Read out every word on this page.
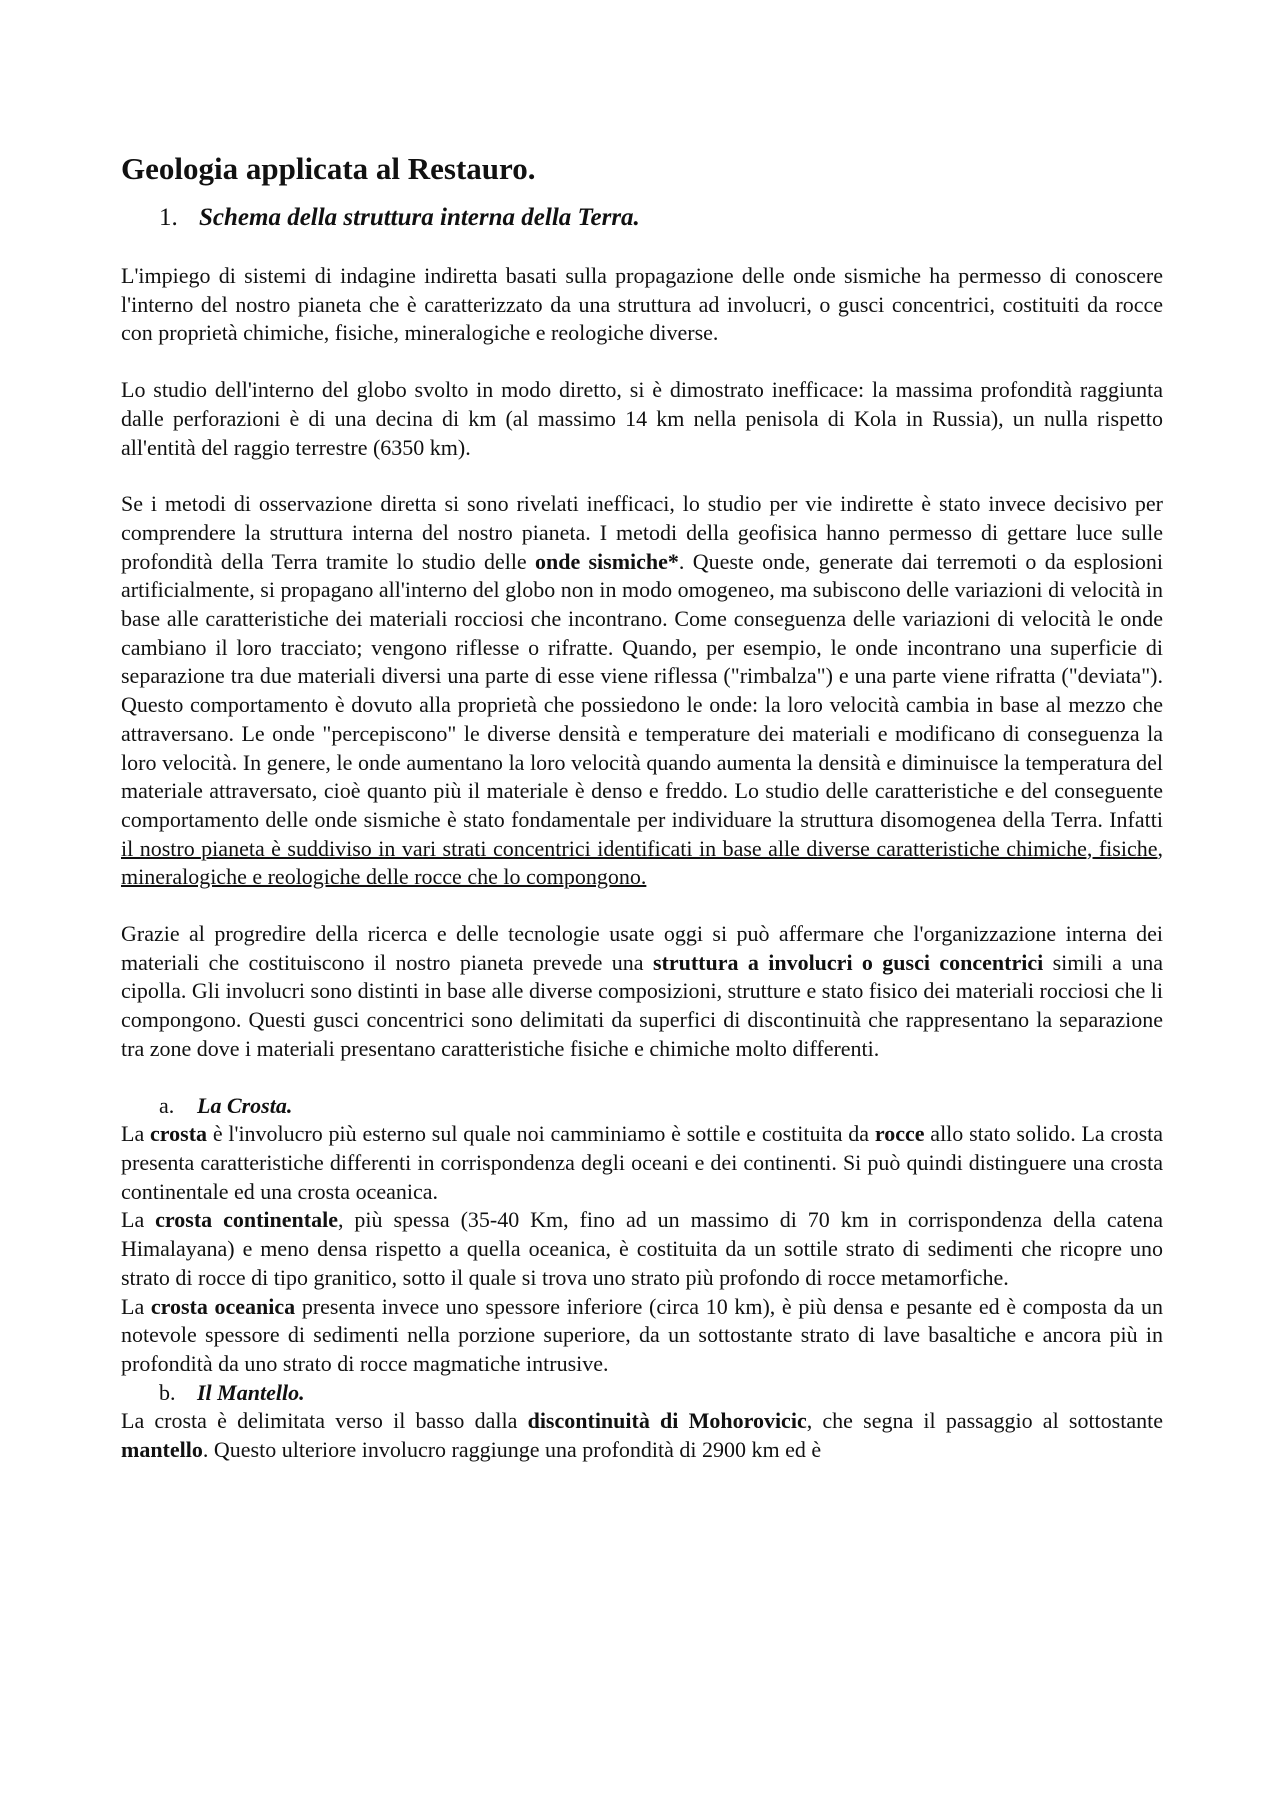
Geologia applicata al Restauro.
1. Schema della struttura interna della Terra.

L'impiego di sistemi di indagine indiretta basati sulla propagazione delle onde sismiche ha permesso di conoscere l'interno del nostro pianeta che è caratterizzato da una struttura ad involucri, o gusci concentrici, costituiti da rocce con proprietà chimiche, fisiche, mineralogiche e reologiche diverse.

Lo studio dell'interno del globo svolto in modo diretto, si è dimostrato inefficace: la massima profondità raggiunta dalle perforazioni è di una decina di km (al massimo 14 km nella penisola di Kola in Russia), un nulla rispetto all'entità del raggio terrestre (6350 km).

Se i metodi di osservazione diretta si sono rivelati inefficaci, lo studio per vie indirette è stato invece decisivo per comprendere la struttura interna del nostro pianeta. I metodi della geofisica hanno permesso di gettare luce sulle profondità della Terra tramite lo studio delle onde sismiche*. Queste onde, generate dai terremoti o da esplosioni artificialmente, si propagano all'interno del globo non in modo omogeneo, ma subiscono delle variazioni di velocità in base alle caratteristiche dei materiali rocciosi che incontrano. Come conseguenza delle variazioni di velocità le onde cambiano il loro tracciato; vengono riflesse o rifratte. Quando, per esempio, le onde incontrano una superficie di separazione tra due materiali diversi una parte di esse viene riflessa ("rimbalza") e una parte viene rifratta ("deviata"). Questo comportamento è dovuto alla proprietà che possiedono le onde: la loro velocità cambia in base al mezzo che attraversano. Le onde "percepiscono" le diverse densità e temperature dei materiali e modificano di conseguenza la loro velocità. In genere, le onde aumentano la loro velocità quando aumenta la densità e diminuisce la temperatura del materiale attraversato, cioè quanto più il materiale è denso e freddo. Lo studio delle caratteristiche e del conseguente comportamento delle onde sismiche è stato fondamentale per individuare la struttura disomogenea della Terra. Infatti il nostro pianeta è suddiviso in vari strati concentrici identificati in base alle diverse caratteristiche chimiche, fisiche, mineralogiche e reologiche delle rocce che lo compongono.

Grazie al progredire della ricerca e delle tecnologie usate oggi si può affermare che l'organizzazione interna dei materiali che costituiscono il nostro pianeta prevede una struttura a involucri o gusci concentrici simili a una cipolla. Gli involucri sono distinti in base alle diverse composizioni, strutture e stato fisico dei materiali rocciosi che li compongono. Questi gusci concentrici sono delimitati da superfici di discontinuità che rappresentano la separazione tra zone dove i materiali presentano caratteristiche fisiche e chimiche molto differenti.

a. La Crosta.

La crosta è l'involucro più esterno sul quale noi camminiamo è sottile e costituita da rocce allo stato solido. La crosta presenta caratteristiche differenti in corrispondenza degli oceani e dei continenti. Si può quindi distinguere una crosta continentale ed una crosta oceanica.

La crosta continentale, più spessa (35-40 Km, fino ad un massimo di 70 km in corrispondenza della catena Himalayana) e meno densa rispetto a quella oceanica, è costituita da un sottile strato di sedimenti che ricopre uno strato di rocce di tipo granitico, sotto il quale si trova uno strato più profondo di rocce metamorfiche.

La crosta oceanica presenta invece uno spessore inferiore (circa 10 km), è più densa e pesante ed è composta da un notevole spessore di sedimenti nella porzione superiore, da un sottostante strato di lave basaltiche e ancora più in profondità da uno strato di rocce magmatiche intrusive.

b. Il Mantello.

La crosta è delimitata verso il basso dalla discontinuità di Mohorovicic, che segna il passaggio al sottostante mantello. Questo ulteriore involucro raggiunge una profondità di 2900 km ed è
